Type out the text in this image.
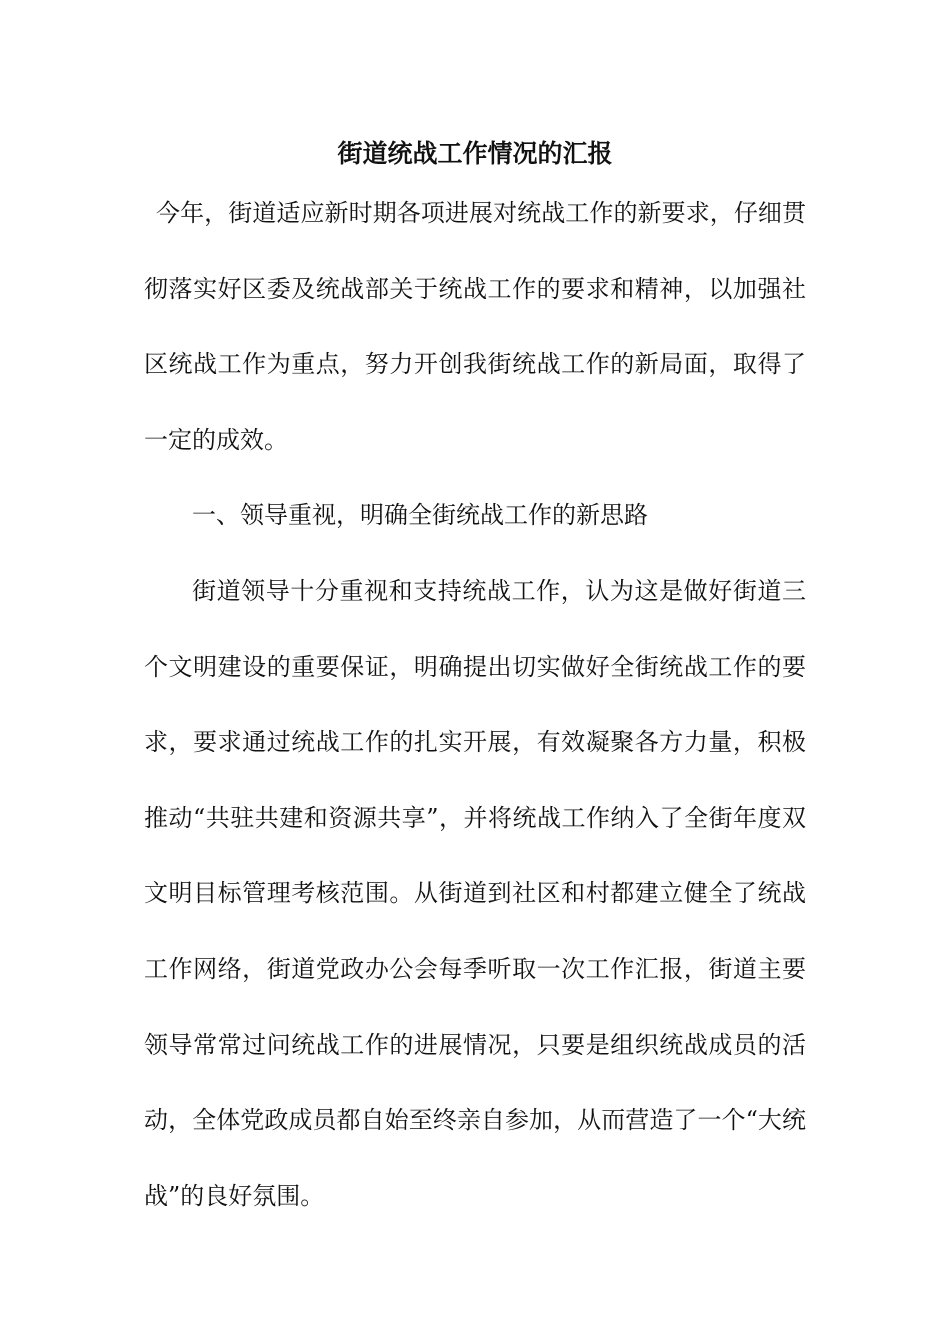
街道统战工作情况的汇报

今年，街道适应新时期各项进展对统战工作的新要求，仔细贯彻落实好区委及统战部关于统战工作的要求和精神，以加强社区统战工作为重点，努力开创我街统战工作的新局面，取得了一定的成效。

一、领导重视，明确全街统战工作的新思路

街道领导十分重视和支持统战工作，认为这是做好街道三个文明建设的重要保证，明确提出切实做好全街统战工作的要求，要求通过统战工作的扎实开展，有效凝聚各方力量，积极推动“共驻共建和资源共享”，并将统战工作纳入了全街年度双文明目标管理考核范围。从街道到社区和村都建立健全了统战工作网络，街道党政办公会每季听取一次工作汇报，街道主要领导常常过问统战工作的进展情况，只要是组织统战成员的活动，全体党政成员都自始至终亲自参加，从而营造了一个“大统战”的良好氛围。
